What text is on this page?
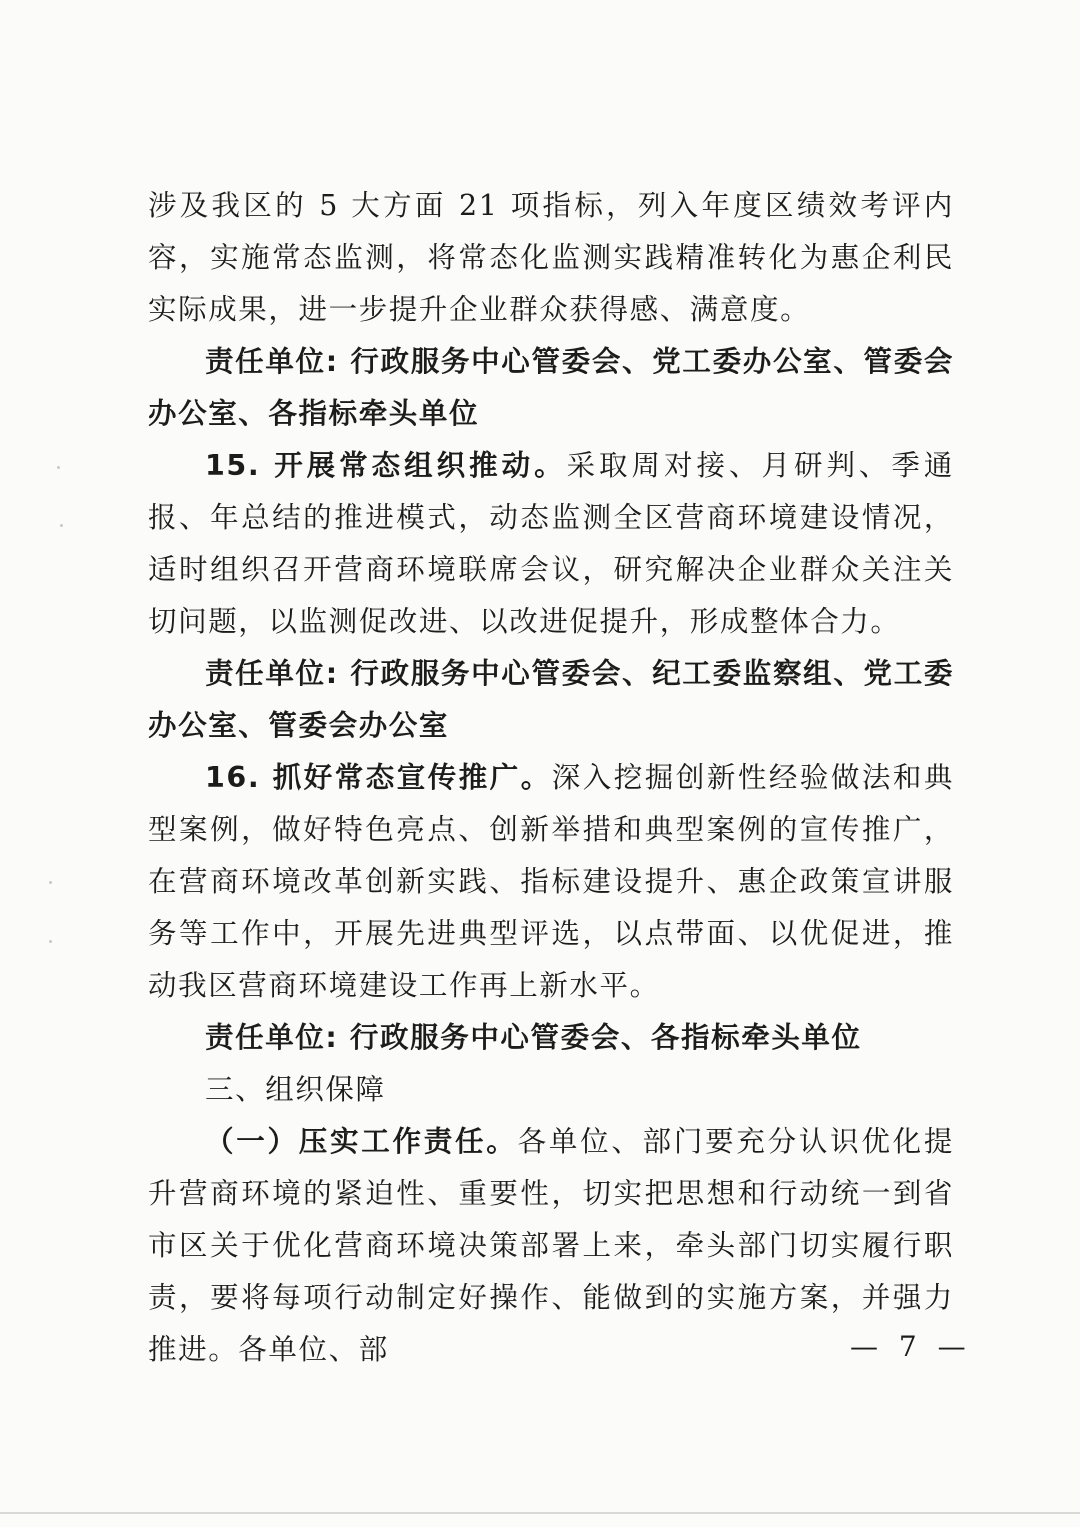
涉及我区的 5 大方面 21 项指标，列入年度区绩效考评内容，实施常态监测，将常态化监测实践精准转化为惠企利民实际成果，进一步提升企业群众获得感、满意度。

责任单位: 行政服务中心管委会、党工委办公室、管委会办公室、各指标牵头单位

15. 开展常态组织推动。采取周对接、月研判、季通报、年总结的推进模式，动态监测全区营商环境建设情况，适时组织召开营商环境联席会议，研究解决企业群众关注关切问题，以监测促改进、以改进促提升，形成整体合力。

责任单位: 行政服务中心管委会、纪工委监察组、党工委办公室、管委会办公室

16. 抓好常态宣传推广。深入挖掘创新性经验做法和典型案例，做好特色亮点、创新举措和典型案例的宣传推广，在营商环境改革创新实践、指标建设提升、惠企政策宣讲服务等工作中，开展先进典型评选，以点带面、以优促进，推动我区营商环境建设工作再上新水平。

责任单位: 行政服务中心管委会、各指标牵头单位

三、组织保障

（一）压实工作责任。各单位、部门要充分认识优化提升营商环境的紧迫性、重要性，切实把思想和行动统一到省市区关于优化营商环境决策部署上来，牵头部门切实履行职责，要将每项行动制定好操作、能做到的实施方案，并强力推进。各单位、部	— 7 —
